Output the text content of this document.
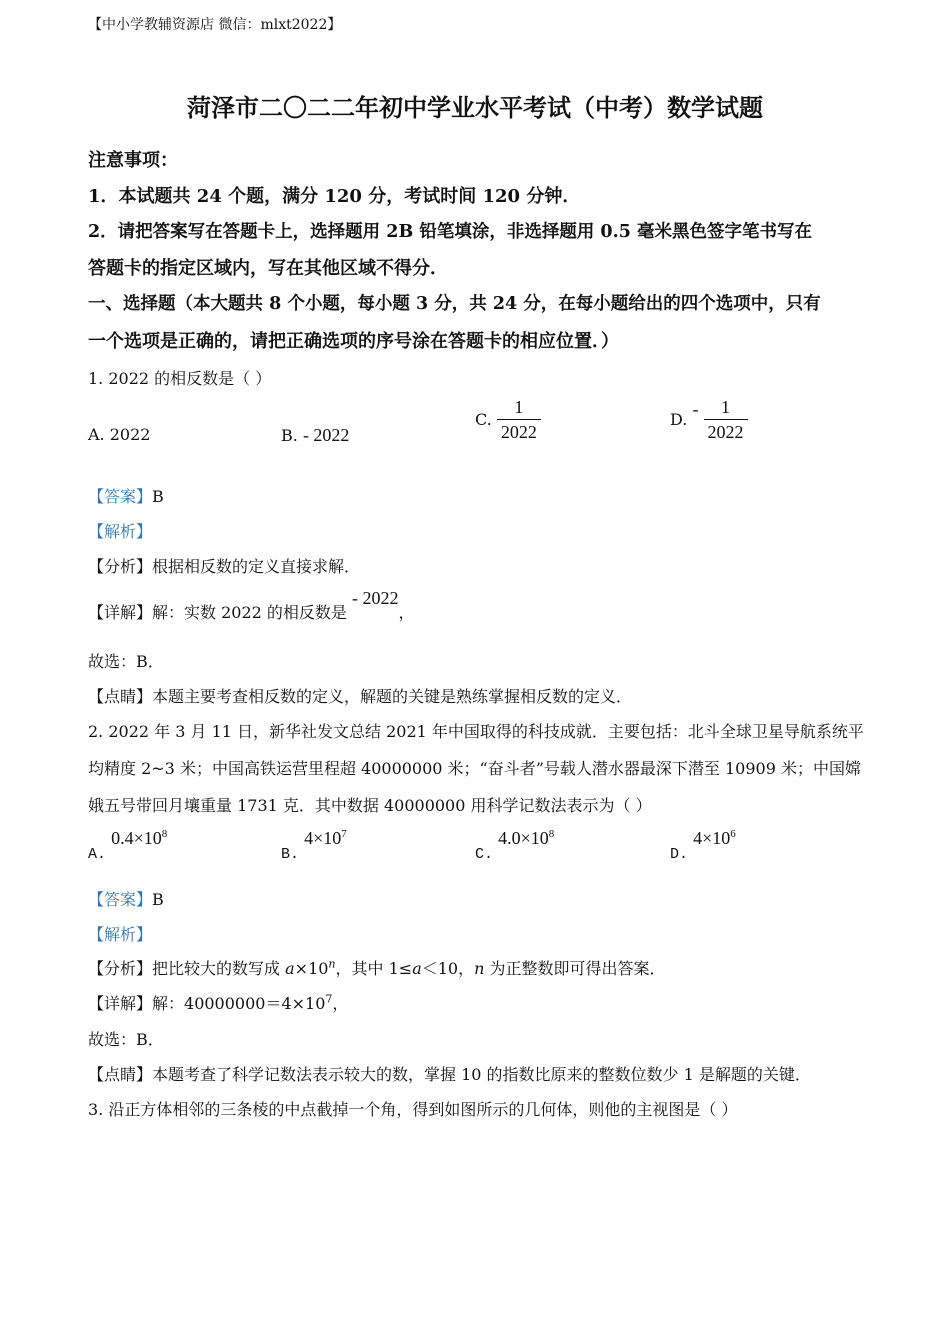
【中小学教辅资源店 微信：mlxt2022】
菏泽市二〇二二年初中学业水平考试（中考）数学试题
注意事项：
1．本试题共 24 个题，满分 120 分，考试时间 120 分钟．
2．请把答案写在答题卡上，选择题用 2B 铅笔填涂，非选择题用 0.5 毫米黑色签字笔书写在
答题卡的指定区域内，写在其他区域不得分．
一、选择题（本大题共 8 个小题，每小题 3 分，共 24 分，在每小题给出的四个选项中，只有
一个选项是正确的，请把正确选项的序号涂在答题卡的相应位置．）
1. 2022 的相反数是（ ）
A. 2022	B. - 2022
C. $\frac{1}{2022}$	D. - $\frac{1}{2022}$
【答案】B
【解析】
【分析】根据相反数的定义直接求解．
【详解】解：实数 2022 的相反数是 - 2022，
故选：B．
【点睛】本题主要考查相反数的定义，解题的关键是熟练掌握相反数的定义．
2. 2022 年 3 月 11 日，新华社发文总结 2021 年中国取得的科技成就．主要包括：北斗全球卫星导航系统平
均精度 2~3 米；中国高铁运营里程超 40000000 米；“奋斗者”号载人潜水器最深下潜至 10909 米；中国嫦
娥五号带回月壤重量 1731 克．其中数据 40000000 用科学记数法表示为（ ）
A. $0.4\times 10^8$
B. $4\times 10^7$
C. $4.0\times 10^8$
D. $4\times 10^6$
【答案】B
【解析】
【分析】把比较大的数写成 $a\times 10^n$，其中 1≤a＜10，n 为正整数即可得出答案．
【详解】解：$40000000=4\times 10^7$，
故选：B．
【点睛】本题考查了科学记数法表示较大的数，掌握 10 的指数比原来的整数位数少 1 是解题的关键．
3. 沿正方体相邻的三条棱的中点截掉一个角，得到如图所示的几何体，则他的主视图是（ ）
